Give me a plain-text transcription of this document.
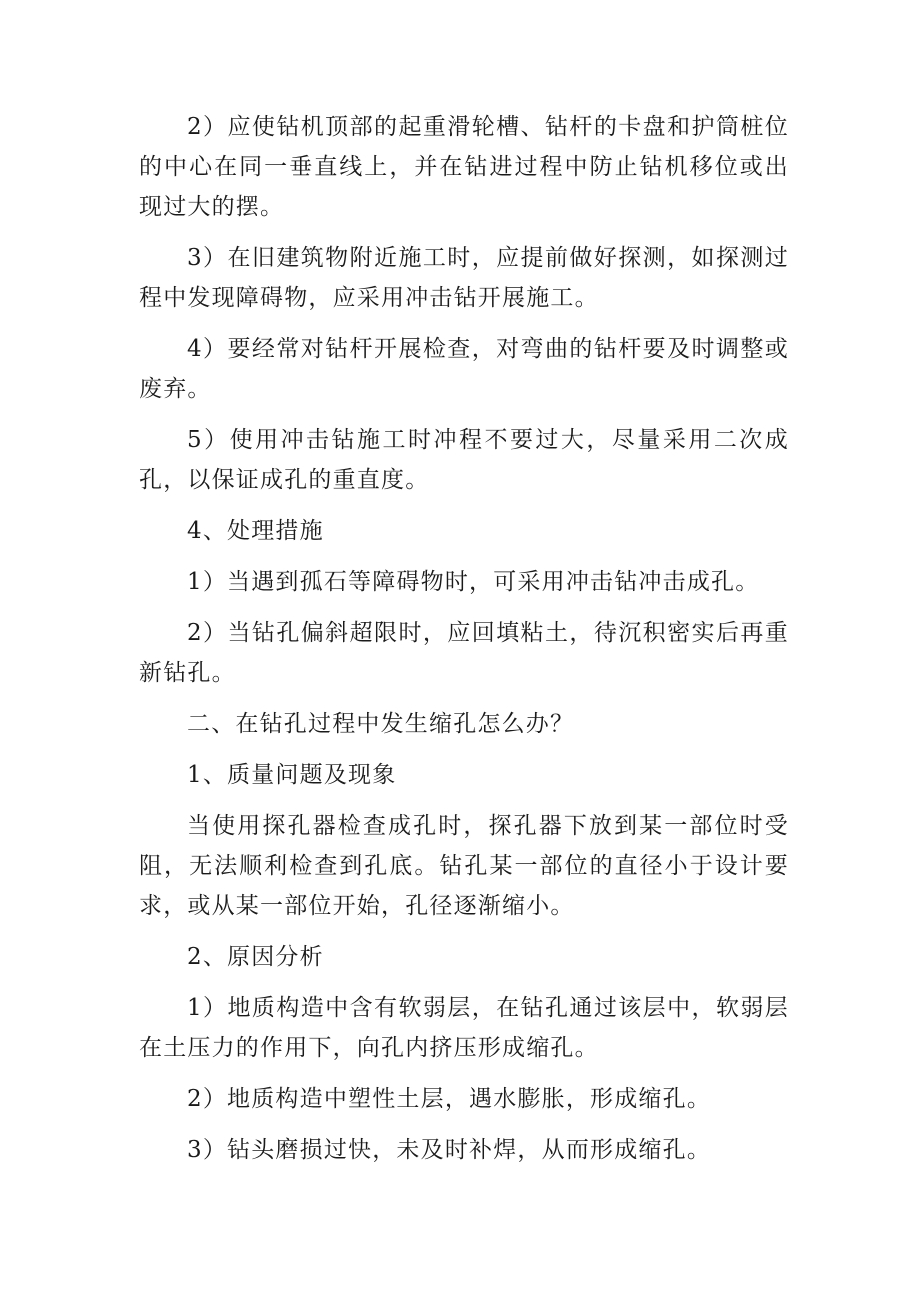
2）应使钻机顶部的起重滑轮槽、钻杆的卡盘和护筒桩位的中心在同一垂直线上，并在钻进过程中防止钻机移位或出现过大的摆。

3）在旧建筑物附近施工时，应提前做好探测，如探测过程中发现障碍物，应采用冲击钻开展施工。

4）要经常对钻杆开展检查，对弯曲的钻杆要及时调整或废弃。

5）使用冲击钻施工时冲程不要过大，尽量采用二次成孔，以保证成孔的重直度。

4、处理措施

1）当遇到孤石等障碍物时，可采用冲击钻冲击成孔。

2）当钻孔偏斜超限时，应回填粘土，待沉积密实后再重新钻孔。

二、在钻孔过程中发生缩孔怎么办？

1、质量问题及现象

当使用探孔器检查成孔时，探孔器下放到某一部位时受阻，无法顺利检查到孔底。钻孔某一部位的直径小于设计要求，或从某一部位开始，孔径逐渐缩小。

2、原因分析

1）地质构造中含有软弱层，在钻孔通过该层中，软弱层在土压力的作用下，向孔内挤压形成缩孔。

2）地质构造中塑性土层，遇水膨胀，形成缩孔。

3）钻头磨损过快，未及时补焊，从而形成缩孔。
